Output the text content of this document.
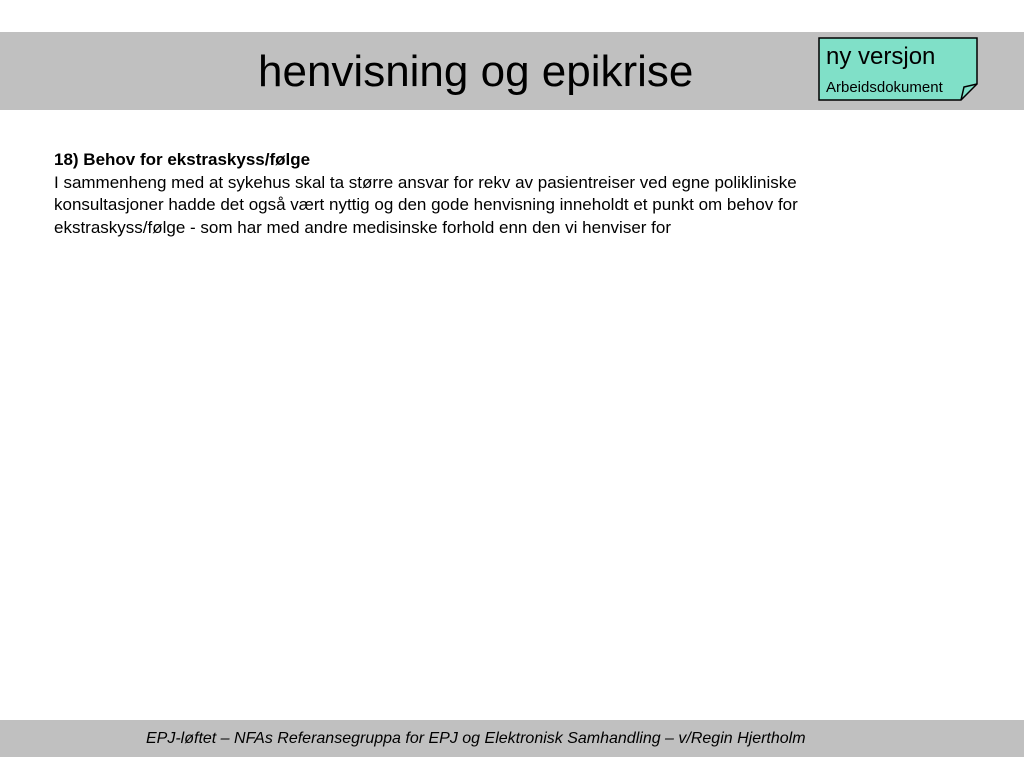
henvisning og epikrise	ny versjon
Arbeidsdokument
18) Behov for ekstraskyss/følge
I sammenheng med at sykehus skal ta større ansvar for rekv av pasientreiser ved egne polikliniske
konsultasjoner hadde det også vært nyttig og den gode henvisning inneholdt et punkt om behov for
ekstraskyss/følge - som har med andre medisinske forhold enn den vi henviser for
EPJ-løftet – NFAs Referansegruppa for EPJ og Elektronisk Samhandling – v/Regin Hjertholm
